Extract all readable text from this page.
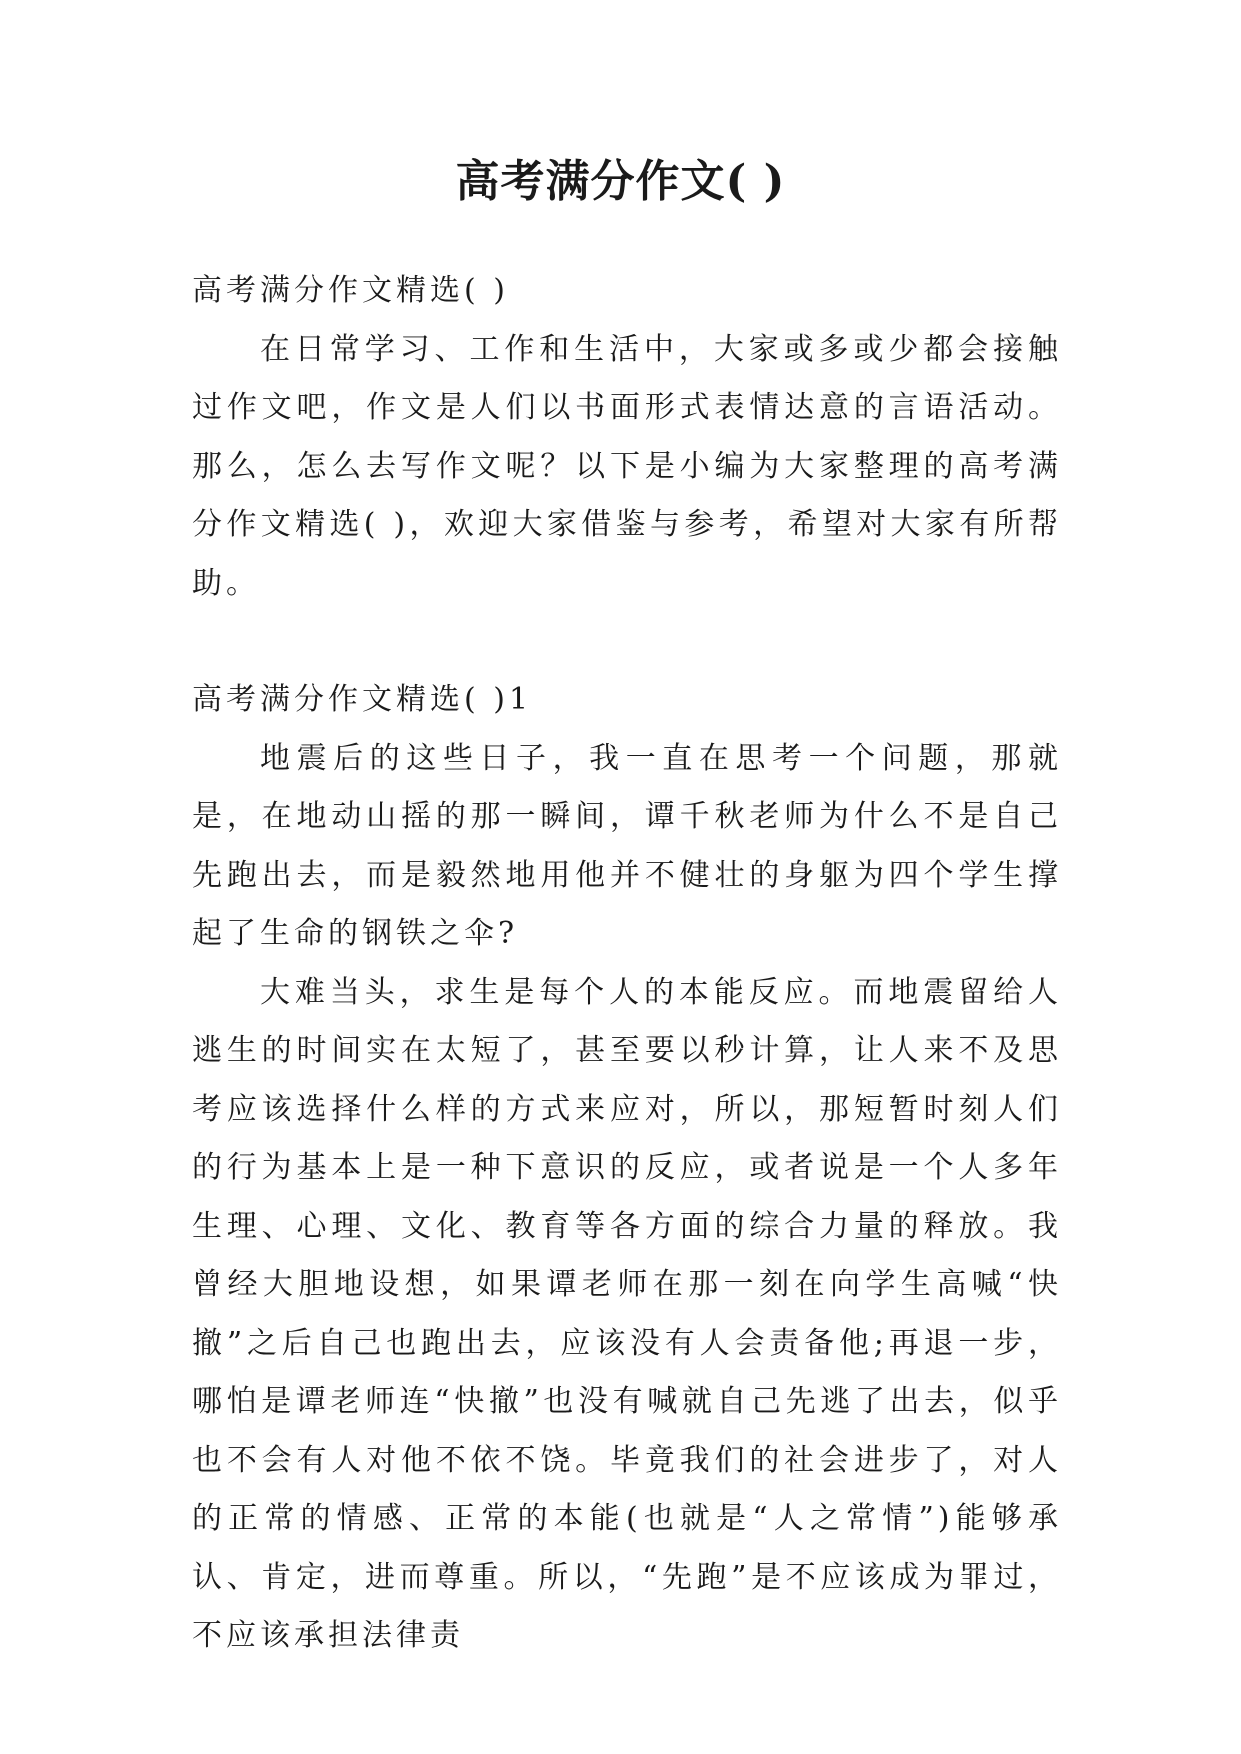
高考满分作文( )

高考满分作文精选( )

在日常学习、工作和生活中，大家或多或少都会接触过作文吧，作文是人们以书面形式表情达意的言语活动。那么，怎么去写作文呢？以下是小编为大家整理的高考满分作文精选( )，欢迎大家借鉴与参考，希望对大家有所帮助。

高考满分作文精选( )1

地震后的这些日子，我一直在思考一个问题，那就是，在地动山摇的那一瞬间，谭千秋老师为什么不是自己先跑出去，而是毅然地用他并不健壮的身躯为四个学生撑起了生命的钢铁之伞?

大难当头，求生是每个人的本能反应。而地震留给人逃生的时间实在太短了，甚至要以秒计算，让人来不及思考应该选择什么样的方式来应对，所以，那短暂时刻人们的行为基本上是一种下意识的反应，或者说是一个人多年生理、心理、文化、教育等各方面的综合力量的释放。我曾经大胆地设想，如果谭老师在那一刻在向学生高喊“快撤”之后自己也跑出去，应该没有人会责备他;再退一步，哪怕是谭老师连“快撤”也没有喊就自己先逃了出去，似乎也不会有人对他不依不饶。毕竟我们的社会进步了，对人的正常的情感、正常的本能(也就是“人之常情”)能够承认、肯定，进而尊重。所以，“先跑”是不应该成为罪过，不应该承担法律责
